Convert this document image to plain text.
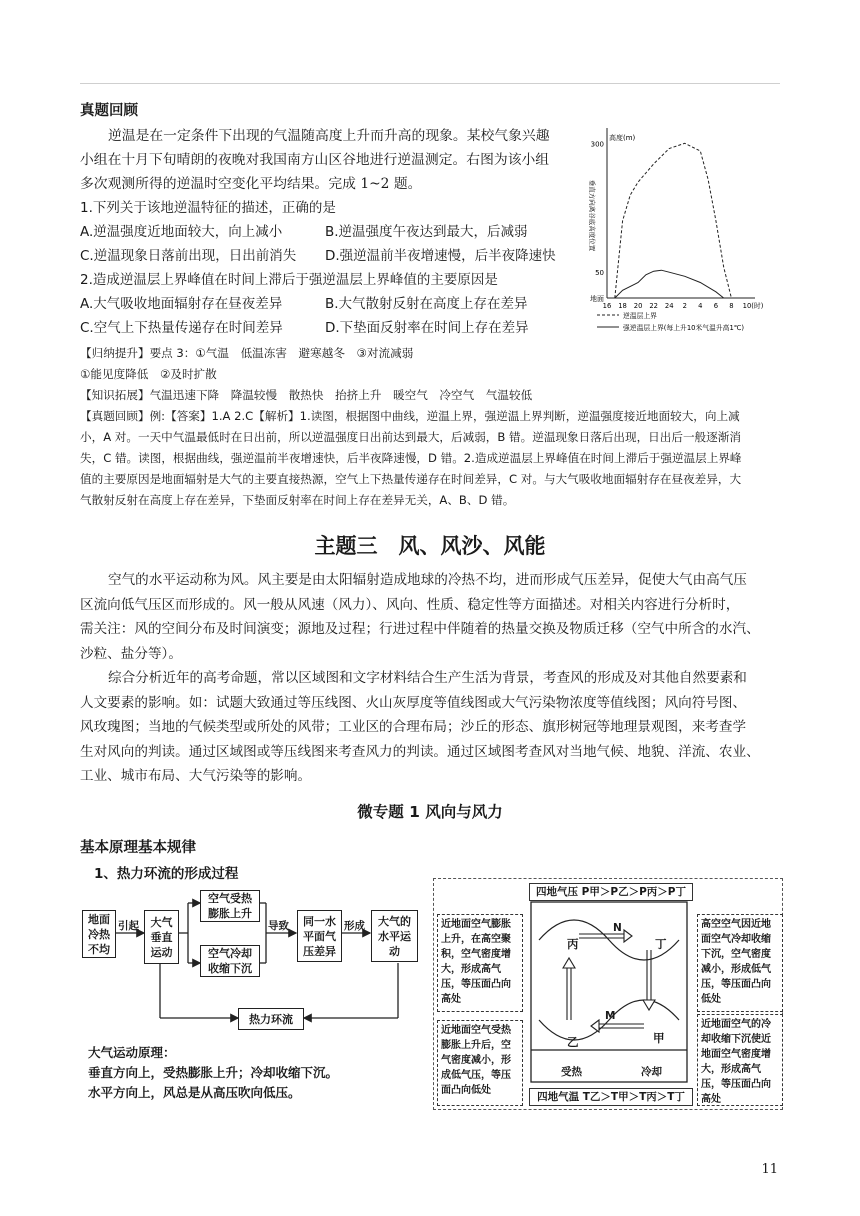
真题回顾
逆温是在一定条件下出现的气温随高度上升而升高的现象。某校气象兴趣
小组在十月下旬晴朗的夜晚对我国南方山区谷地进行逆温测定。右图为该小组
多次观测所得的逆温时空变化平均结果。完成 1~2 题。
1.下列关于该地逆温特征的描述，正确的是
A.逆温强度近地面较大，向上减小	B.逆温强度午夜达到最大，后减弱
C.逆温现象日落前出现，日出前消失	D.强逆温前半夜增速慢，后半夜降速快
2.造成逆温层上界峰值在时间上滞后于强逆温层上界峰值的主要原因是
A.大气吸收地面辐射存在昼夜差异	B.大气散射反射在高度上存在差异
C.空气上下热量传递存在时间差异	D.下垫面反射率在时间上存在差异
【归纳提升】要点 3：①气温　低温冻害　避寒越冬　③对流减弱
①能见度降低　②及时扩散
【知识拓展】气温迅速下降　降温较慢　散热快　抬挤上升　暖空气　冷空气　气温较低
【真题回顾】例:【答案】1.A 2.C【解析】1.读图，根据图中曲线，逆温上界，强逆温上界判断，逆温强度接近地面较大，向上减
小，A 对。一天中气温最低时在日出前，所以逆温强度日出前达到最大，后减弱，B 错。逆温现象日落后出现，日出后一般逐渐消
失，C 错。读图，根据曲线，强逆温前半夜增速快，后半夜降速慢，D 错。2.造成逆温层上界峰值在时间上滞后于强逆温层上界峰
值的主要原因是地面辐射是大气的主要直接热源，空气上下热量传递存在时间差异，C 对。与大气吸收地面辐射存在昼夜差异，大
气散射反射在高度上存在差异，下垫面反射率在时间上存在差异无关，A、B、D 错。
高度(m)
垂直方向离谷底高度位置
300
50
地面
16 18 20 22 24 2 4 6 8 10(时)
逆温层上界
强逆温层上界(每上升10米气温升高1℃)
主题三　风、风沙、风能
空气的水平运动称为风。风主要是由太阳辐射造成地球的冷热不均，进而形成气压差异，促使大气由高气压
区流向低气压区而形成的。风一般从风速（风力）、风向、性质、稳定性等方面描述。对相关内容进行分析时，
需关注：风的空间分布及时间演变；源地及过程；行进过程中伴随着的热量交换及物质迁移（空气中所含的水汽、
沙粒、盐分等）。
综合分析近年的高考命题，常以区域图和文字材料结合生产生活为背景，考查风的形成及对其他自然要素和
人文要素的影响。如：试题大致通过等压线图、火山灰厚度等值线图或大气污染物浓度等值线图；风向符号图、
风玫瑰图；当地的气候类型或所处的风带；工业区的合理布局；沙丘的形态、旗形树冠等地理景观图，来考查学
生对风向的判读。通过区域图或等压线图来考查风力的判读。通过区域图考查风对当地气候、地貌、洋流、农业、
工业、城市布局、大气污染等的影响。
微专题 1 风向与风力
基本原理基本规律
1、热力环流的形成过程
地面
冷热
不均
引起	大气
垂直
运动
空气受热
膨胀上升
空气冷却
收缩下沉
导致	同一水
平面气
压差异
形成	大气的
水平运
动
热力环流
大气运动原理：
垂直方向上，受热膨胀上升；冷却收缩下沉。
水平方向上，风总是从高压吹向低压。
四地气压 P甲＞P乙＞P丙＞P丁
四地气温 T乙＞T甲＞T丙＞T丁
近地面空气膨胀上升，在高空聚积，空气密度增大，形成高气压，等压面凸向高处
近地面空气受热膨胀上升后，空气密度减小，形成低气压，等压面凸向低处
高空空气因近地面空气冷却收缩下沉，空气密度减小，形成低气压，等压面凸向低处
近地面空气的冷却收缩下沉使近地面空气密度增大，形成高气压，等压面凸向高处
丙	丁
乙	甲
N
M
受热	冷却
11
